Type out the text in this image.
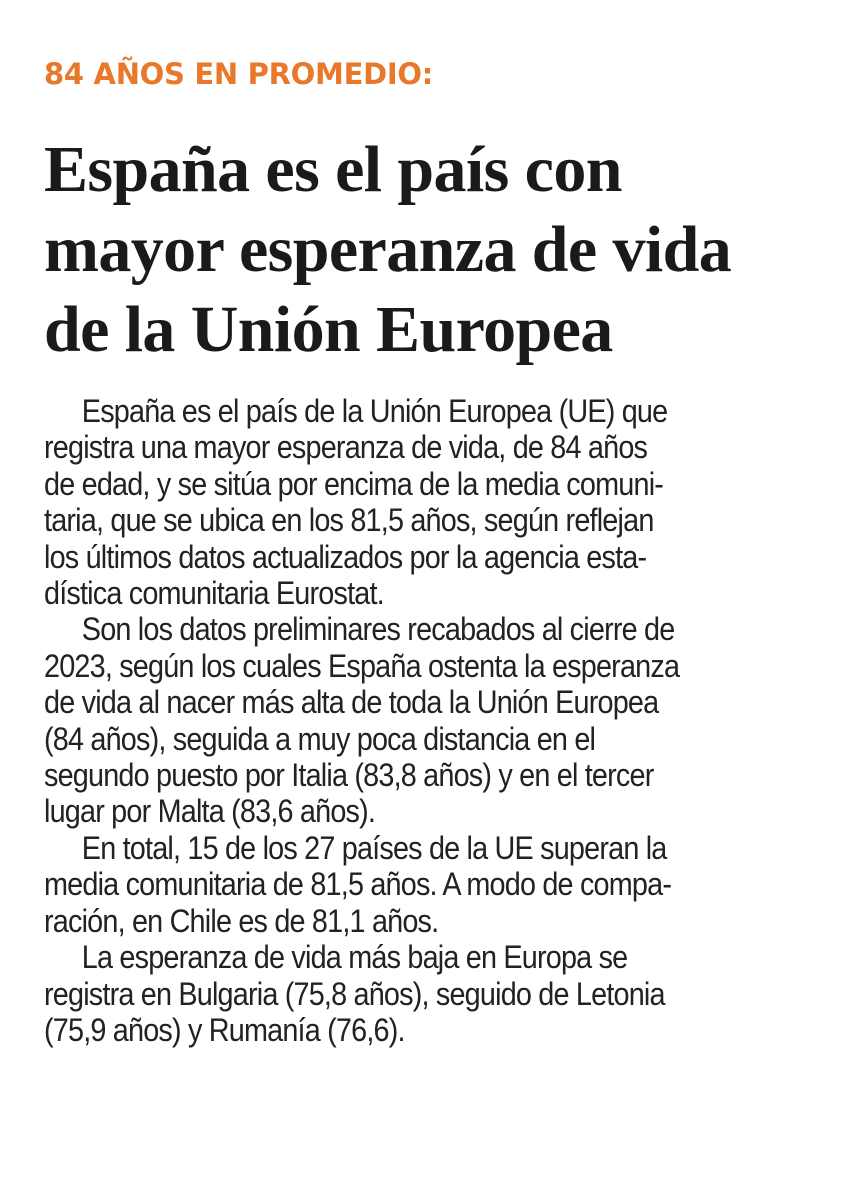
84 AÑOS EN PROMEDIO:
España es el país con
mayor esperanza de vida
de la Unión Europea

España es el país de la Unión Europea (UE) que
registra una mayor esperanza de vida, de 84 años
de edad, y se sitúa por encima de la media comuni-
taria, que se ubica en los 81,5 años, según reflejan
los últimos datos actualizados por la agencia esta-
dística comunitaria Eurostat.

Son los datos preliminares recabados al cierre de
2023, según los cuales España ostenta la esperanza
de vida al nacer más alta de toda la Unión Europea
(84 años), seguida a muy poca distancia en el
segundo puesto por Italia (83,8 años) y en el tercer
lugar por Malta (83,6 años).

En total, 15 de los 27 países de la UE superan la
media comunitaria de 81,5 años. A modo de compa-
ración, en Chile es de 81,1 años.

La esperanza de vida más baja en Europa se
registra en Bulgaria (75,8 años), seguido de Letonia
(75,9 años) y Rumanía (76,6).
